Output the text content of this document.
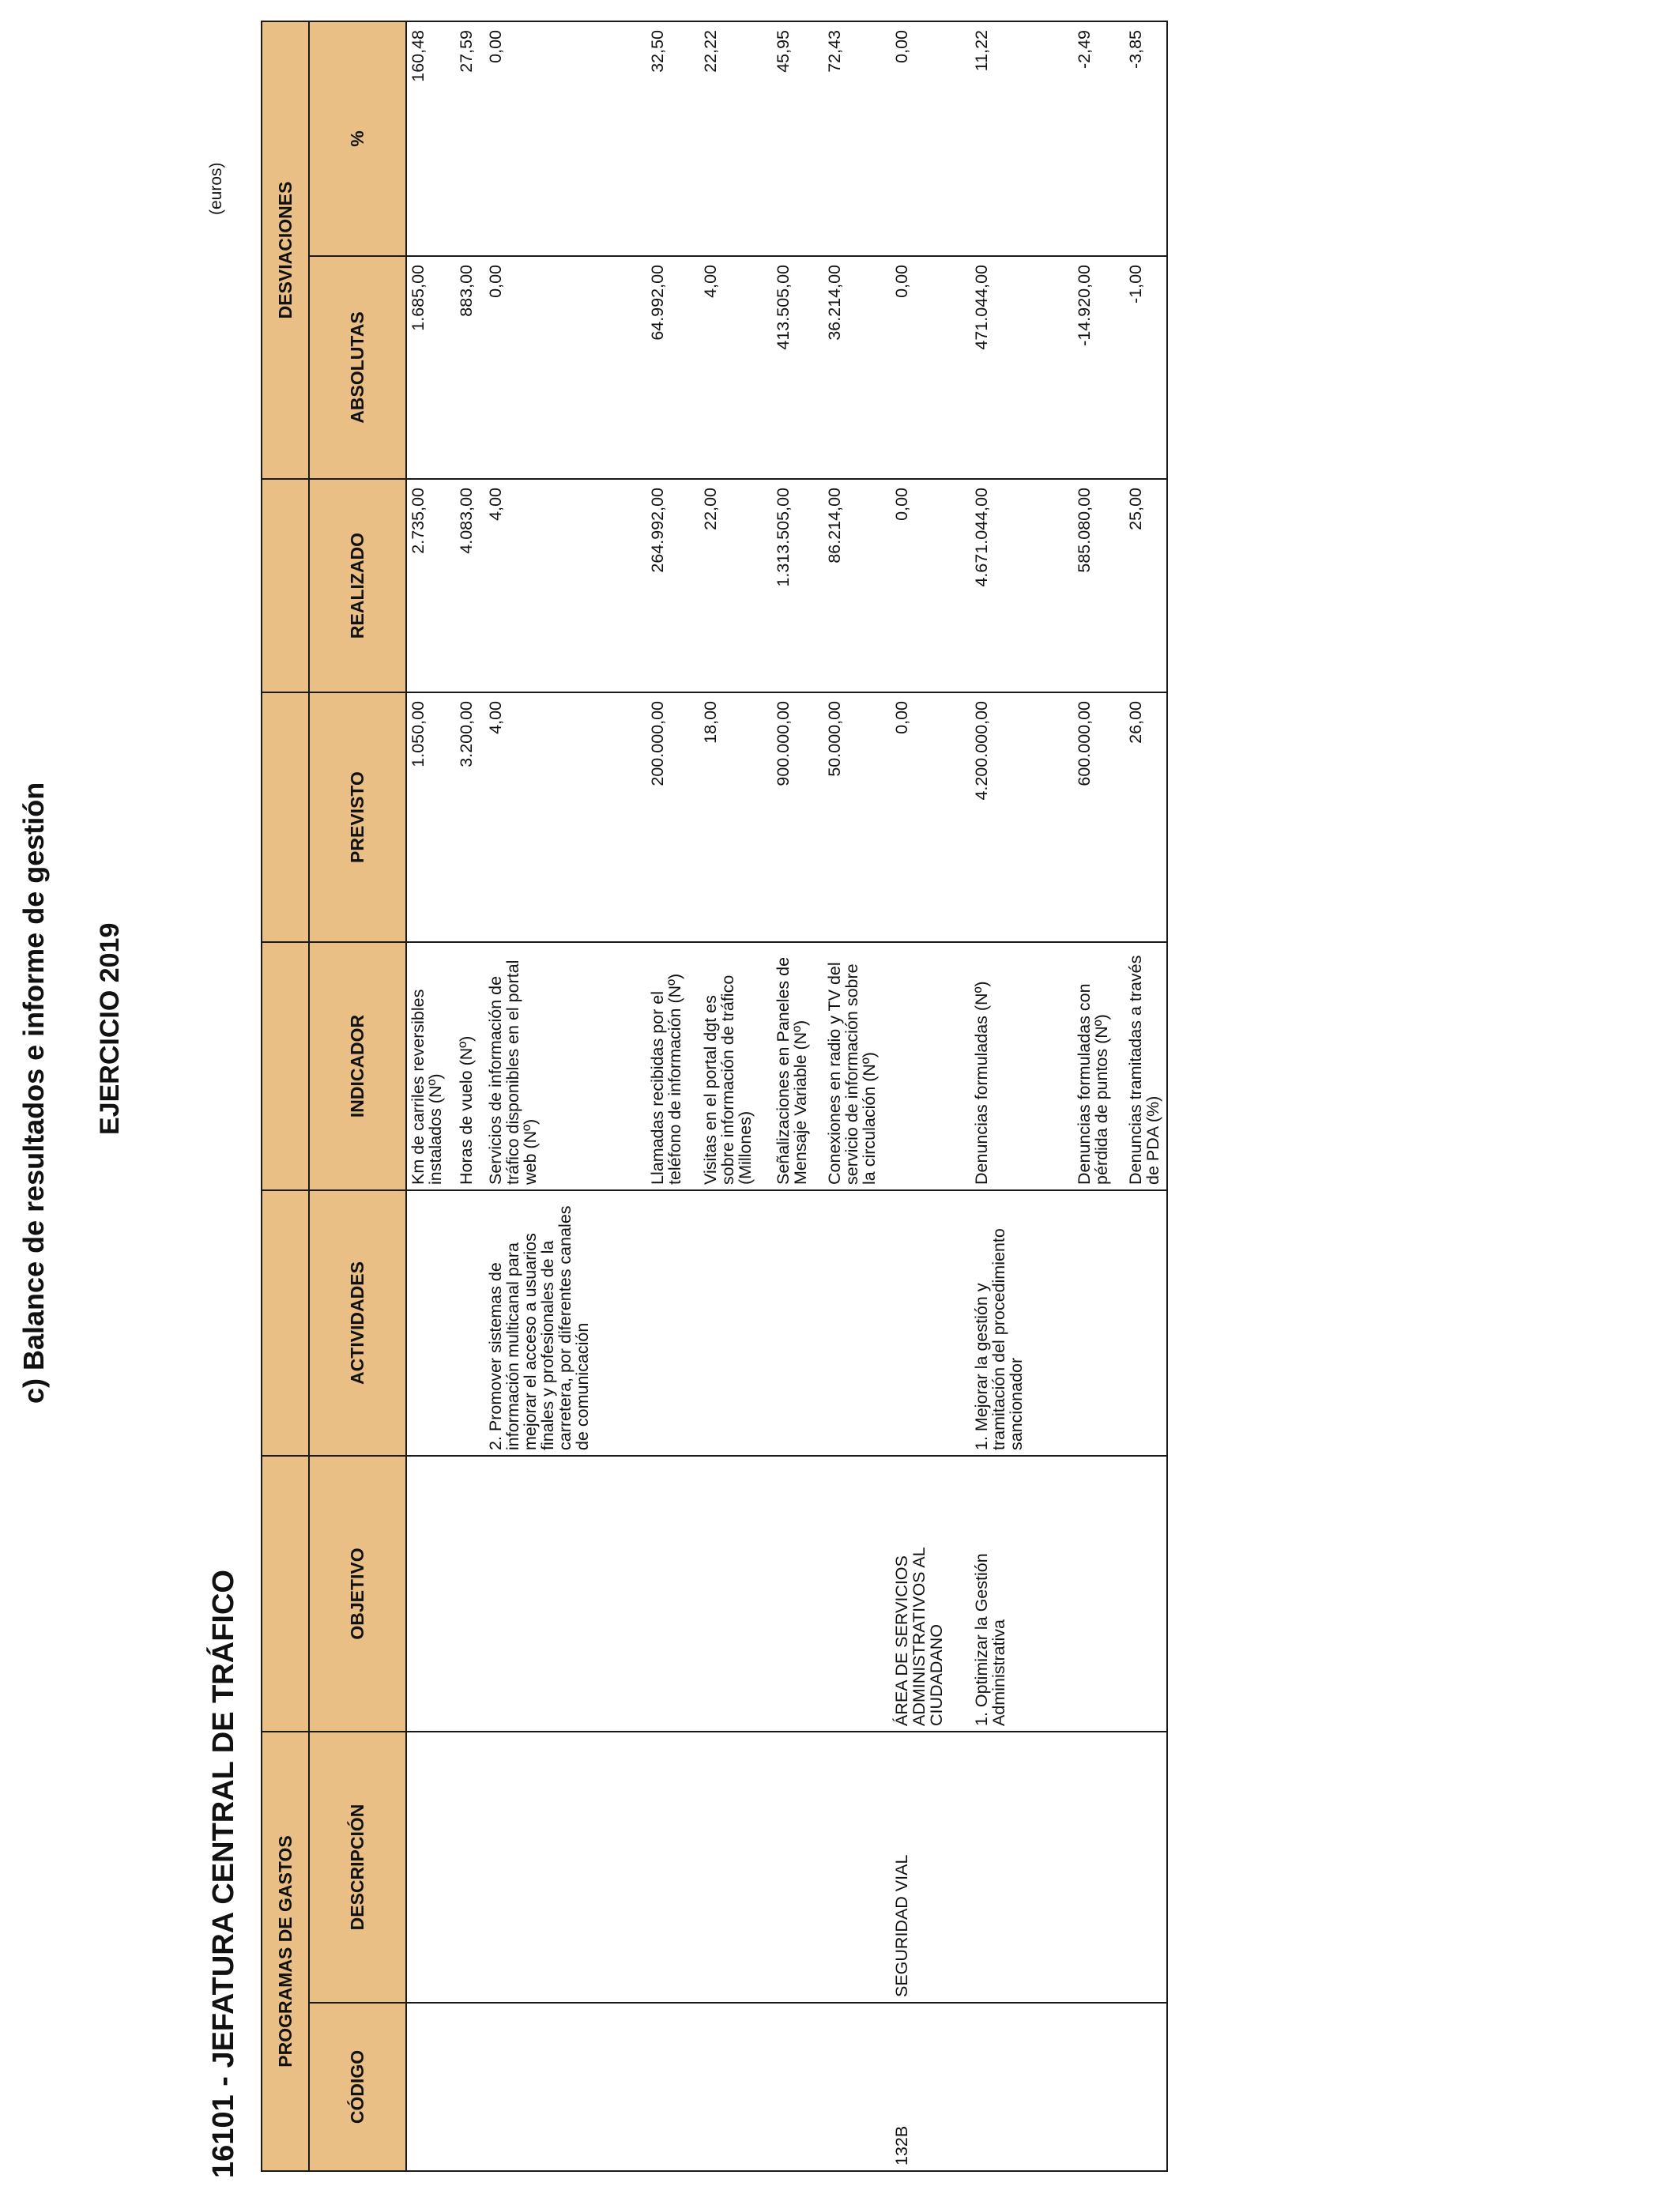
c) Balance de resultados e informe de gestión EJERCICIO 2019
16101 - JEFATURA CENTRAL DE TRÁFICO
(euros)
PROGRAMAS DE GASTOS							DESVIACIONES	
CÓDIGO	DESCRIPCIÓN	OBJETIVO	ACTIVIDADES	INDICADOR	PREVISTO	REALIZADO	ABSOLUTAS	%
				Km de carriles reversibles instalados (Nº)	1.050,00	2.735,00	1.685,00	160,48
				Horas de vuelo (Nº)	3.200,00	4.083,00	883,00	27,59
			2. Promover sistemas de información multicanal para mejorar el acceso a usuarios finales y profesionales de la carretera, por diferentes canales de comunicación	Servicios de información de tráfico disponibles en el portal web (Nº)	4,00	4,00	0,00	0,00
				Llamadas recibidas por el teléfono de información (Nº)	200.000,00	264.992,00	64.992,00	32,50
				Visitas en el portal dgt es sobre información de tráfico (Millones)	18,00	22,00	4,00	22,22
				Señalizaciones en Paneles de Mensaje Variable (Nº)	900.000,00	1.313.505,00	413.505,00	45,95
				Conexiones en radio y TV del servicio de información sobre la circulación (Nº)	50.000,00	86.214,00	36.214,00	72,43
132B	SEGURIDAD VIAL	ÁREA DE SERVICIOS ADMINISTRATIVOS AL CIUDADANO			0,00	0,00	0,00	0,00
		1. Optimizar la Gestión Administrativa	1. Mejorar la gestión y tramitación del procedimiento sancionador	Denuncias formuladas (Nº)	4.200.000,00	4.671.044,00	471.044,00	11,22
				Denuncias formuladas con pérdida de puntos (Nº)	600.000,00	585.080,00	-14.920,00	-2,49
				Denuncias tramitadas a través de PDA (%)	26,00	25,00	-1,00	-3,85
